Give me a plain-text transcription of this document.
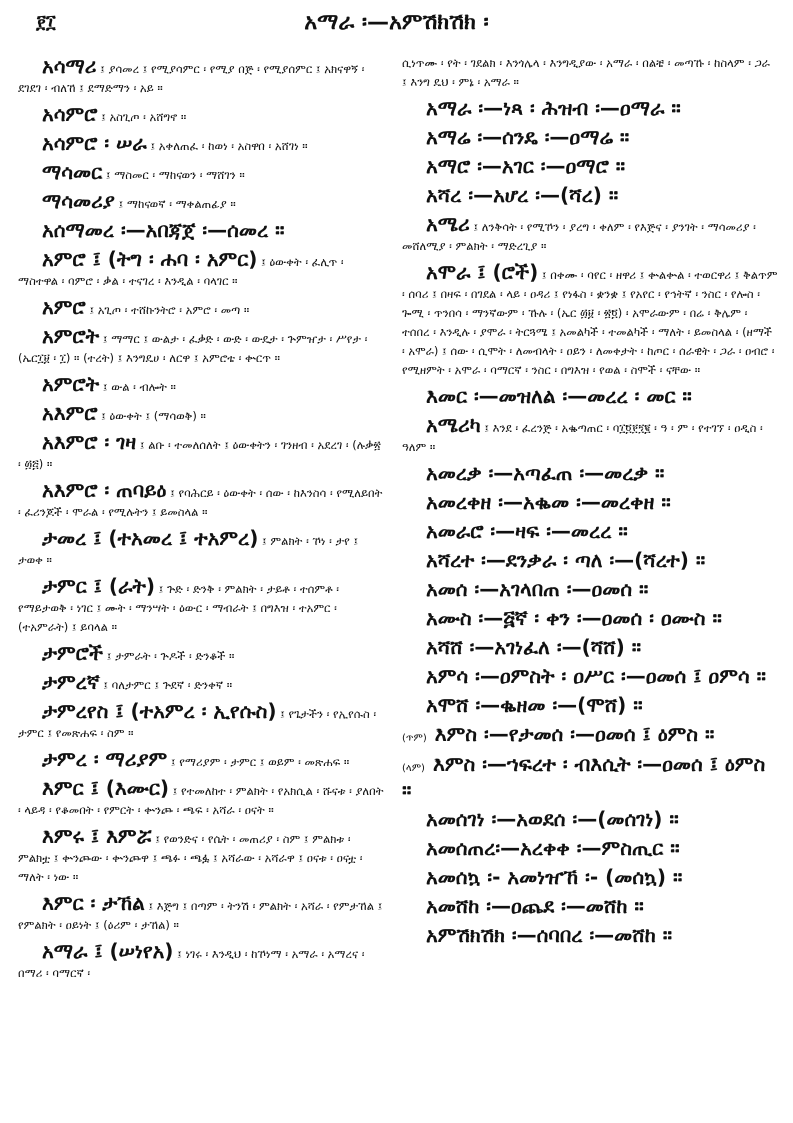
፻፲	አማራ ፡—አምሽክሽክ ፡

አሳማሪ ፤ ያሳመረ ፤ የሚያሳምር ፡ የሚያ በጅ ፡ የሚያሰምር ፤ አክናዋኝ ፡ ደገደገ ፡ ብለኸ ፤ ደማድማን ፡ አይ ።

አሳምሮ ፤ አስጊጦ ፡ አሸግኖ ።

አሳምሮ ፡ ሠራ ፤ አቀለጠፈ ፡ ከወነ ፡ አስዋበ ፡ አሸገነ ።

ማሳመር ፤ ማስመር ፡ ማከናወን ፡ ማሸገን ።

ማሳመሪያ ፤ ማከናወኛ ፡ ማቀልጠፊያ ።

አሰማመረ ፡—አበጃጀ ፡—ሰመረ ።

አምሮ ፤ (ትግ ፡ ሐባ ፡ አምር) ፤ ዕውቀት ፡ ፈሊጥ ፡ ማስተዋል ፡ ባምሮ ፡ ቃል ፡ ተናገረ ፡ እንዲል ፡ ባላገር ።

አምሮ ፤ አጊጦ ፡ ተሸኩንትሮ ፡ አምሮ ፡ መጣ ።

አምሮት ፤ ማማር ፤ ውልታ ፡ ፈቃድ ፡ ውድ ፡ ውዴታ ፡ ጕምዠታ ፡ ሥየታ ፡ (ኤር፲፱ ፡ ፲) ። (ተረት) ፤ እንግዴሀ ፡ ለርዋ ፤ አምሮቴ ፡ ቍርጥ ።

አምሮት ፤ ውል ፡ ብሎት ።

አእምሮ ፤ ዕውቀት ፤ (ማሳወቅ) ።

አእምሮ ፡ ገዛ ፤ ልቡ ፡ ተመለሰለት ፤ ዕውቀትን ፡ ገንዘብ ፡ አደረገ ፡ (ሉቃ፳ ፡ ፴፭) ።

አእምሮ ፡ ጠባይዕ ፤ የባሕርይ ፡ ዕውቀት ፡ ሰው ፡ ከእንስሳ ፡ የሚለይበት ፡ ፈሪንጆች ፡ ሞራል ፡ የሚሉትን ፤ ይመስላል ።

ታመረ ፤ (ተአመረ ፤ ተአምረ) ፤ ምልክት ፡ ኾነ ፡ ታየ ፤ ታወቀ ።

ታምር ፤ (ራት) ፤ ጕድ ፡ ድንቅ ፡ ምልክት ፡ ታይቶ ፡ ተሰምቶ ፡ የማይታወቅ ፡ ነገር ፤ ሙት ፡ ማንሣት ፡ ዕውር ፡ ማብራት ፤ በግእዝ ፡ ተአምር ፡ (ተአምራት) ፤ ይባላል ።

ታምሮች ፤ ታምራት ፡ ጕዶች ፡ ድንቆች ።

ታምረኛ ፤ ባለታምር ፤ ጕደኛ ፡ ድንቀኛ ።

ታምረየስ ፤ (ተአምረ ፡ ኢየሱስ) ፤ የጌታችን ፡ የኢየሱስ ፡ ታምር ፤ የመጽሐፍ ፡ ስም ።

ታምረ ፡ ማሪያም ፤ የማሪያም ፡ ታምር ፤ ወይም ፡ መጽሐፍ ።

እምር ፤ (እሙር) ፤ የተመለከተ ፡ ምልክት ፡ የአክሲል ፡ ሹናቱ ፡ ያለበት ፡ ላይዳ ፡ የቆመበት ፡ የምርት ፡ ቍንጮ ፡ ጫፍ ፡ አሻራ ፡ ዐናት ።

እምሩ ፤ እምሯ ፤ የወንድና ፡ የሴት ፡ መጠሪያ ፡ ስም ፤ ምልክቱ ፡ ምልክቷ ፤ ቍንጮው ፡ ቍንጮዋ ፤ ጫፉ ፡ ጫፏ ፤ አሻራው ፡ አሻራዋ ፤ ዐናቱ ፡ ዐናቷ ፡ ማለት ፡ ነው ።

እምር ፡ ታኸል ፤ እጅግ ፤ በጣም ፡ ትንሽ ፡ ምልክት ፡ አሻራ ፡ የምታኸል ፤ የምልክት ፡ ዐይነት ፤ (ዕሪም ፡ ታኸል) ።

አማራ ፤ (ሠነየአ) ፤ ነገሩ ፡ እንዲህ ፡ ከኾነማ ፡ አማራ ፡ አማረና ፡ በማሪ ፡ ባማርኛ ፡

ሲነጥሙ ፡ የት ፡ ገደልክ ፡ እንጎሌላ ፡ እንግዲያው ፡ አማራ ፡ በልቼ ፡ መጣኹ ፡ ከስላም ፡ ጋራ ፤ እንግ ዴህ ፡ ምኔ ፡ አማራ ።

አማራ ፡—ነጻ ፡ ሕዝብ ፡—ዐማራ ።

አማሬ ፡—ሰንዴ ፡—ዐማሬ ።

አማሮ ፡—አገር ፡—ዐማሮ ።

አሻረ ፡—አሆረ ፡—(ሻረ) ።

አሜሪ ፤ ለንቅሳት ፡ የሚኾን ፡ ያረግ ፡ ቀለም ፡ የእጅና ፡ ያንገት ፡ ማሳመሪያ ፡ መሸለሚያ ፡ ምልክት ፡ ማድረጊያ ።

አሞራ ፤ (ሮች) ፤ በቀሙ ፡ ባየር ፡ ዘዋሪ ፤ ቍልቍል ፡ ተወርዋሪ ፤ ቅልጥም ፡ ሰባሪ ፤ በዛፍ ፡ በገደል ፡ ላይ ፡ ዐዳሪ ፤ የነፋስ ፡ ቋንቋ ፤ የአየር ፡ የኅትኛ ፡ ንስር ፡ የሎስ ፡ ጐሚ ፡ ጥንበሳ ፡ ማንኛውም ፡ ኹሉ ፡ (ኤር ፴፱ ፡ ፳፬) ፡ አሞራውም ፡ በሬ ፡ ቅሌም ፡ ተሰበረ ፡ እንዲሉ ፡ ያሞራ ፡ ትርጓሜ ፤ አመልካች ፡ ተመልካች ፡ ማለት ፡ ይመስላል ፡ (ዘማች ፡ አሞራ) ፤ ሰው ፡ ሲሞት ፡ ለመብላት ፡ ዐይን ፡ ለመቀታት ፡ ከጦር ፡ ሰራዊት ፡ ጋራ ፡ ዐብሮ ፡ የሚዘምት ፡ አሞራ ፡ ባማርኛ ፡ ንስር ፡ በግእዝ ፡ የወል ፡ ስሞች ፡ ናቸው ።

እመር ፡—መዝለል ፡—መረረ ፡ መር ።

አሜሪካ ፤ እንደ ፡ ፈረንጅ ፡ አቈጣጠር ፡ ባ፲፬፻፺፪ ፡ ዓ ፡ ም ፡ የተገኘ ፡ ዐዲስ ፡ ዓለም ።

አመረቃ ፡—አጣፈጠ ፡—መረቃ ።

አመረቀዘ ፡—አቈመ ፡—መረቀዘ ።

አመራሮ ፡—ዛፍ ፡—መረረ ።

አሻረተ ፡—ደንቃራ ፡ ጣለ ፡—(ሻረተ) ።

አመሰ ፡—አገላበጠ ፡—ዐመሰ ።

አሙስ ፡—፭ኛ ፡ ቀን ፡—ዐመሰ ፡ ዐሙስ ።

አሻሸ ፡—አገነፈለ ፡—(ሻሸ) ።

አምሳ ፡—ዐምስት ፡ ዐሥር ፡—ዐመሰ ፤ ዐምሳ ።

አሞሸ ፡—ቈዘመ ፡—(ሞሸ) ።

(ጥም) እምስ ፡—የታመሰ ፡—ዐመሰ ፤ ዕምስ ።

(ላም) እምስ ፡—ኀፍረተ ፡ ብእሲት ፡—ዐመሰ ፤ ዕምስ ።

አመሰገነ ፡—አወደሰ ፡—(መሰገነ) ።

አመሰጠረ፡—አረቀቀ ፡—ምስጢር ።

አመሰኳ ፡- አመነዠኸ ፡- (መሰኳ) ።

አመሸከ ፡—ዐጨደ ፡—መሸከ ።

አምሽክሽክ ፡—ሰባበረ ፡—መሸከ ።
